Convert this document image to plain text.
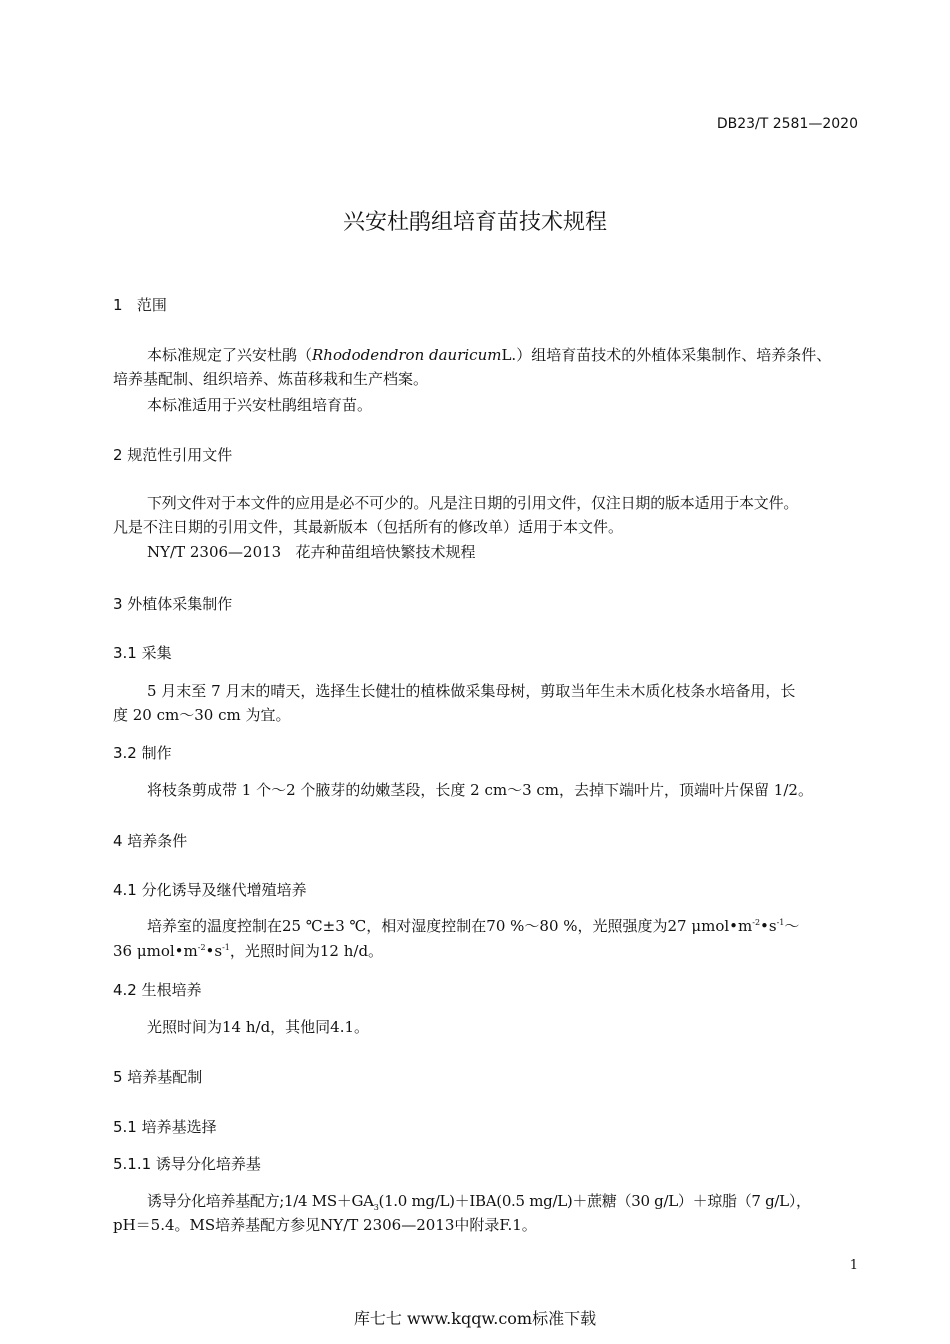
DB23/T 2581—2020
兴安杜鹃组培育苗技术规程
1   范围
本标准规定了兴安杜鹃（Rhododendron dauricumL.）组培育苗技术的外植体采集制作、培养条件、
培养基配制、组织培养、炼苗移栽和生产档案。
本标准适用于兴安杜鹃组培育苗。
2 规范性引用文件
下列文件对于本文件的应用是必不可少的。凡是注日期的引用文件，仅注日期的版本适用于本文件。
凡是不注日期的引用文件，其最新版本（包括所有的修改单）适用于本文件。
NY/T 2306—2013   花卉种苗组培快繁技术规程
3 外植体采集制作
3.1 采集
5 月末至 7 月末的晴天，选择生长健壮的植株做采集母树，剪取当年生未木质化枝条水培备用，长
度 20 cm～30 cm 为宜。
3.2 制作
将枝条剪成带 1 个～2 个腋芽的幼嫩茎段，长度 2 cm～3 cm，去掉下端叶片，顶端叶片保留 1/2。
4 培养条件
4.1 分化诱导及继代增殖培养
培养室的温度控制在25 ℃±3 ℃，相对湿度控制在70 %～80 %，光照强度为27 $\mu mol•m^{-2}•s^{-1}\sim$
36 $\mu mol•m^{-2}•s^{-1}$，光照时间为12 h/d。
4.2 生根培养
光照时间为14 h/d，其他同4.1。
5 培养基配制
5.1 培养基选择
5.1.1 诱导分化培养基
诱导分化培养基配方;1/4 $MS+GA_3(1.0$ mg/L)＋IBA(0.5 mg/L)＋蔗糖（30 g/L）＋琼脂（7 g/L），
pH＝5.4。MS培养基配方参见NY/T 2306—2013中附录F.1。
1
库七七 www.kqqw.com标准下载
